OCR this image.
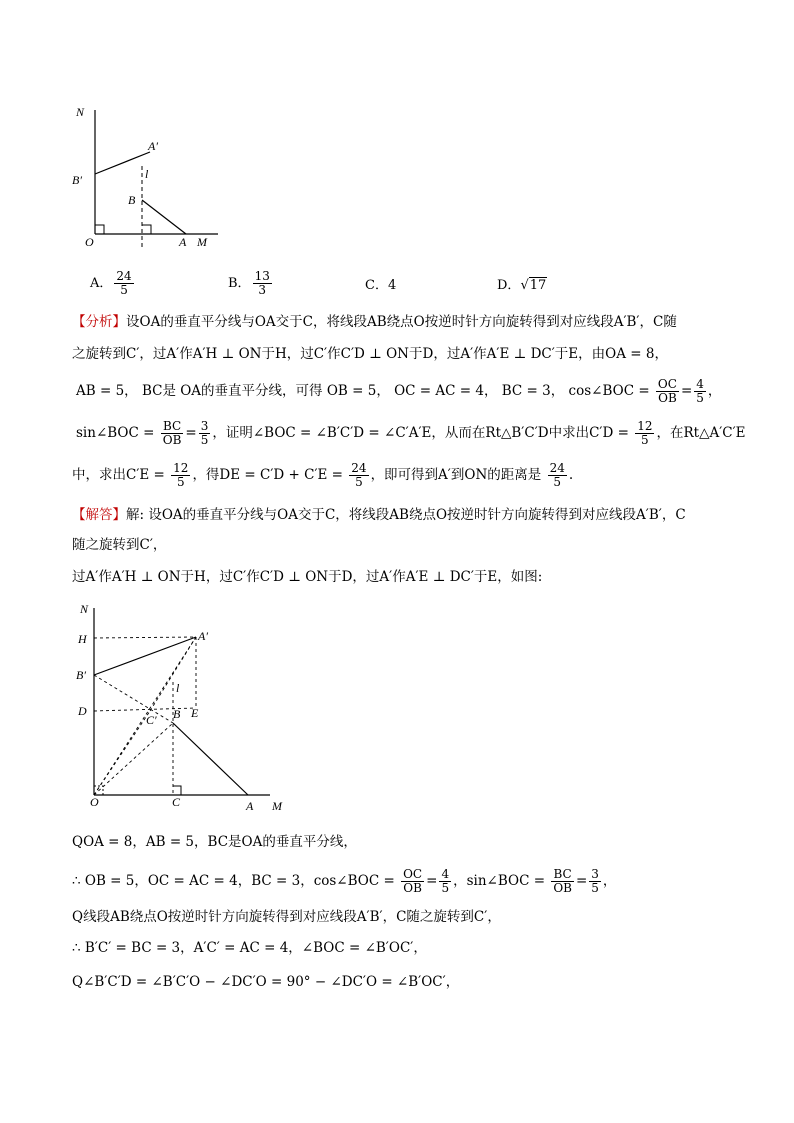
N
A′
B′	l
B
O	A M
A． $\frac{24}{5}$	B． $\frac{13}{3}$	C．4	D．√17
【分析】设OA的垂直平分线与OA交于C，将线段AB绕点O按逆时针方向旋转得到对应线段A′B′，C随
之旋转到C′，过A′作A′H ⊥ ON于H，过C′作C′D ⊥ ON于D，过A′作A′E ⊥ DC′于E，由OA = 8，
AB = 5， BC是 OA的垂直平分线，可得 OB = 5， OC = AC = 4， BC = 3， cos∠BOC = $\frac{OC}{OB} = \frac{4}{5}$ ，
sin∠BOC = $\frac{BC}{OB} = \frac{3}{5}$ ，证明∠BOC = ∠B′C′D = ∠C′A′E，从而在Rt△B′C′D中求出$C'D = \frac{12}{5}$ ，在Rt△A′C′E
中，求出$C'E = \frac{12}{5}$ ，得DE = $C'D + C'E = \frac{24}{5}$ ，即可得到A′到ON的距离是 $\frac{24}{5}$ .
【解答】解: 设OA的垂直平分线与OA交于C，将线段AB绕点O按逆时针方向旋转得到对应线段A′B′，C
随之旋转到C′，
过A′作A′H ⊥ ON于H，过C′作C′D ⊥ ON于D，过A′作A′E ⊥ DC′于E，如图:
N
H	A′
B′
l
D
C′ B E
O	C	A M
QOA = 8，AB = 5，BC是OA的垂直平分线，
∴ OB = 5，OC = AC = 4，BC = 3，cos∠BOC = $\frac{OC}{OB} = \frac{4}{5}$ ，sin∠BOC = $\frac{BC}{OB} = \frac{3}{5}$ ，
Q线段AB绕点O按逆时针方向旋转得到对应线段A′B′，C随之旋转到C′，
∴ B′C′ = BC = 3，A′C′ = AC = 4，∠BOC = ∠B′OC′，
Q∠B′C′D = ∠B′C′O − ∠DC′O = 90° − ∠DC′O = ∠B′OC′，
